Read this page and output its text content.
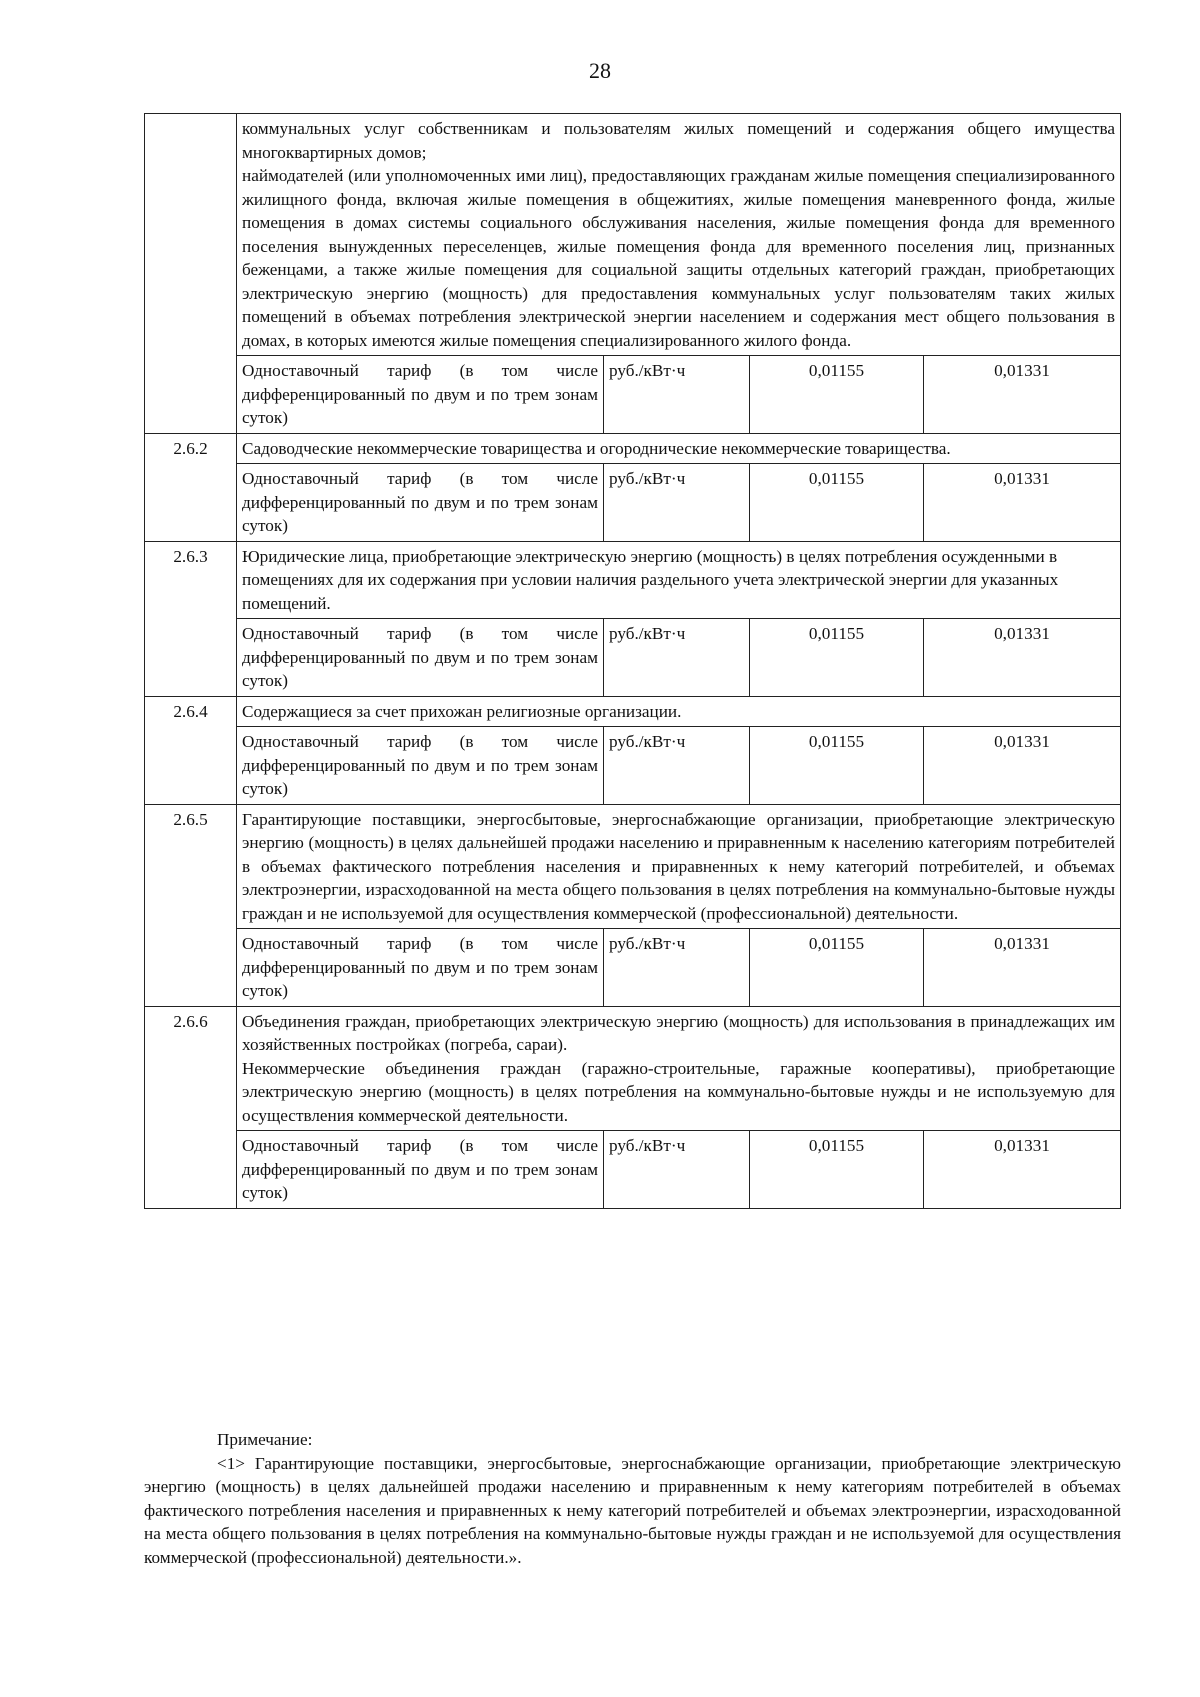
28

	коммунальных услуг собственникам и пользователям жилых помещений и содержания общего имущества многоквартирных домов;

наймодателей (или уполномоченных ими лиц), предоставляющих гражданам жилые помещения специализированного жилищного фонда, включая жилые помещения в общежитиях, жилые помещения маневренного фонда, жилые помещения в домах системы социального обслуживания населения, жилые помещения фонда для временного поселения вынужденных переселенцев, жилые помещения фонда для временного поселения лиц, признанных беженцами, а также жилые помещения для социальной защиты отдельных категорий граждан, приобретающих электрическую энергию (мощность) для предоставления коммунальных услуг пользователям таких жилых помещений в объемах потребления электрической энергии населением и содержания мест общего пользования в домах, в которых имеются жилые помещения специализированного жилого фонда.			

	Одноставочный тариф (в том числе дифференцированный по двум и по трем зонам суток)	руб./кВт·ч	0,01155	0,01331
2.6.2	Садоводческие некоммерческие товарищества и огороднические некоммерческие товарищества.			

	Одноставочный тариф (в том числе дифференцированный по двум и по трем зонам суток)	руб./кВт·ч	0,01155	0,01331
2.6.3	Юридические лица, приобретающие электрическую энергию (мощность) в целях потребления осужденными в помещениях для их содержания при условии наличия раздельного учета электрической энергии для указанных помещений.			

	Одноставочный тариф (в том числе дифференцированный по двум и по трем зонам суток)	руб./кВт·ч	0,01155	0,01331
2.6.4	Содержащиеся за счет прихожан религиозные организации.			

	Одноставочный тариф (в том числе дифференцированный по двум и по трем зонам суток)	руб./кВт·ч	0,01155	0,01331
2.6.5	Гарантирующие поставщики, энергосбытовые, энергоснабжающие организации, приобретающие электрическую энергию (мощность) в целях дальнейшей продажи населению и приравненным к населению категориям потребителей в объемах фактического потребления населения и приравненных к нему категорий потребителей, и объемах электроэнергии, израсходованной на места общего пользования в целях потребления на коммунально-бытовые нужды граждан и не используемой для осуществления коммерческой (профессиональной) деятельности.			

	Одноставочный тариф (в том числе дифференцированный по двум и по трем зонам суток)	руб./кВт·ч	0,01155	0,01331
2.6.6	Объединения граждан, приобретающих электрическую энергию (мощность) для использования в принадлежащих им хозяйственных постройках (погреба, сараи).

Некоммерческие объединения граждан (гаражно-строительные, гаражные кооперативы), приобретающие электрическую энергию (мощность) в целях потребления на коммунально-бытовые нужды и не используемую для осуществления коммерческой деятельности.			

	Одноставочный тариф (в том числе дифференцированный по двум и по трем зонам суток)	руб./кВт·ч	0,01155	0,01331
Примечание:

<1> Гарантирующие поставщики, энергосбытовые, энергоснабжающие организации, приобретающие электрическую энергию (мощность) в целях дальнейшей продажи населению и приравненным к нему категориям потребителей в объемах фактического потребления населения и приравненных к нему категорий потребителей и объемах электроэнергии, израсходованной на места общего пользования в целях потребления на коммунально-бытовые нужды граждан и не используемой для осуществления коммерческой (профессиональной) деятельности.».
